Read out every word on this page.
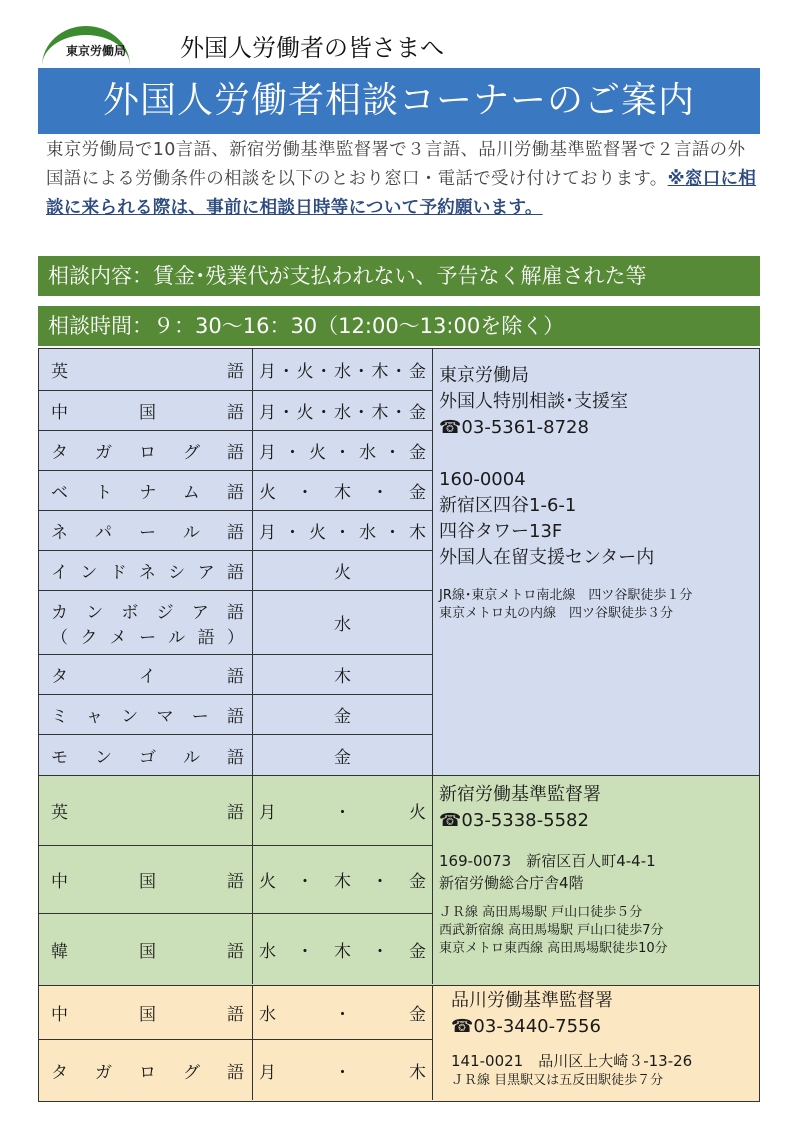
東京労働局 外国人労働者の皆さまへ
外国人労働者相談コーナーのご案内
東京労働局で10言語、新宿労働基準監督署で３言語、品川労働基準監督署で２言語の外国語による労働条件の相談を以下のとおり窓口・電話で受け付けております。※窓口に相談に来られる際は、事前に相談日時等について予約願います。
相談内容：賃金･残業代が支払われない、予告なく解雇された等
相談時間：９：30～16：30（12:00～13:00を除く）
英語 月･火･水･木･金
中国語 月･火･水･木･金
タガログ語 月･火･水･金
ベトナム語 火･木･金
ネパール語 月･火･水･木
インドネシア語	火
カンボジア語
（クメール語）
水
タイ語	木
ミャンマー語	金
モンゴル語	金
東京労働局
外国人特別相談･支援室
☎03-5361-8728
160-0004
新宿区四谷1-6-1
四谷タワー13F
外国人在留支援センター内
JR線･東京メトロ南北線　四ツ谷駅徒歩１分
東京メトロ丸の内線　四ツ谷駅徒歩３分
英語 月･火
中国語 火･木･金
韓国語 水･木･金
新宿労働基準監督署
☎03-5338-5582
169-0073　新宿区百人町4-4-1
新宿労働総合庁舎4階
ＪＲ線 高田馬場駅 戸山口徒歩５分
西武新宿線 高田馬場駅 戸山口徒歩7分
東京メトロ東西線 高田馬場駅徒歩10分
中国語 水･金
タガログ語 月･木
品川労働基準監督署
☎03-3440-7556
141-0021　品川区上大崎３-13-26
ＪＲ線 目黒駅又は五反田駅徒歩７分
